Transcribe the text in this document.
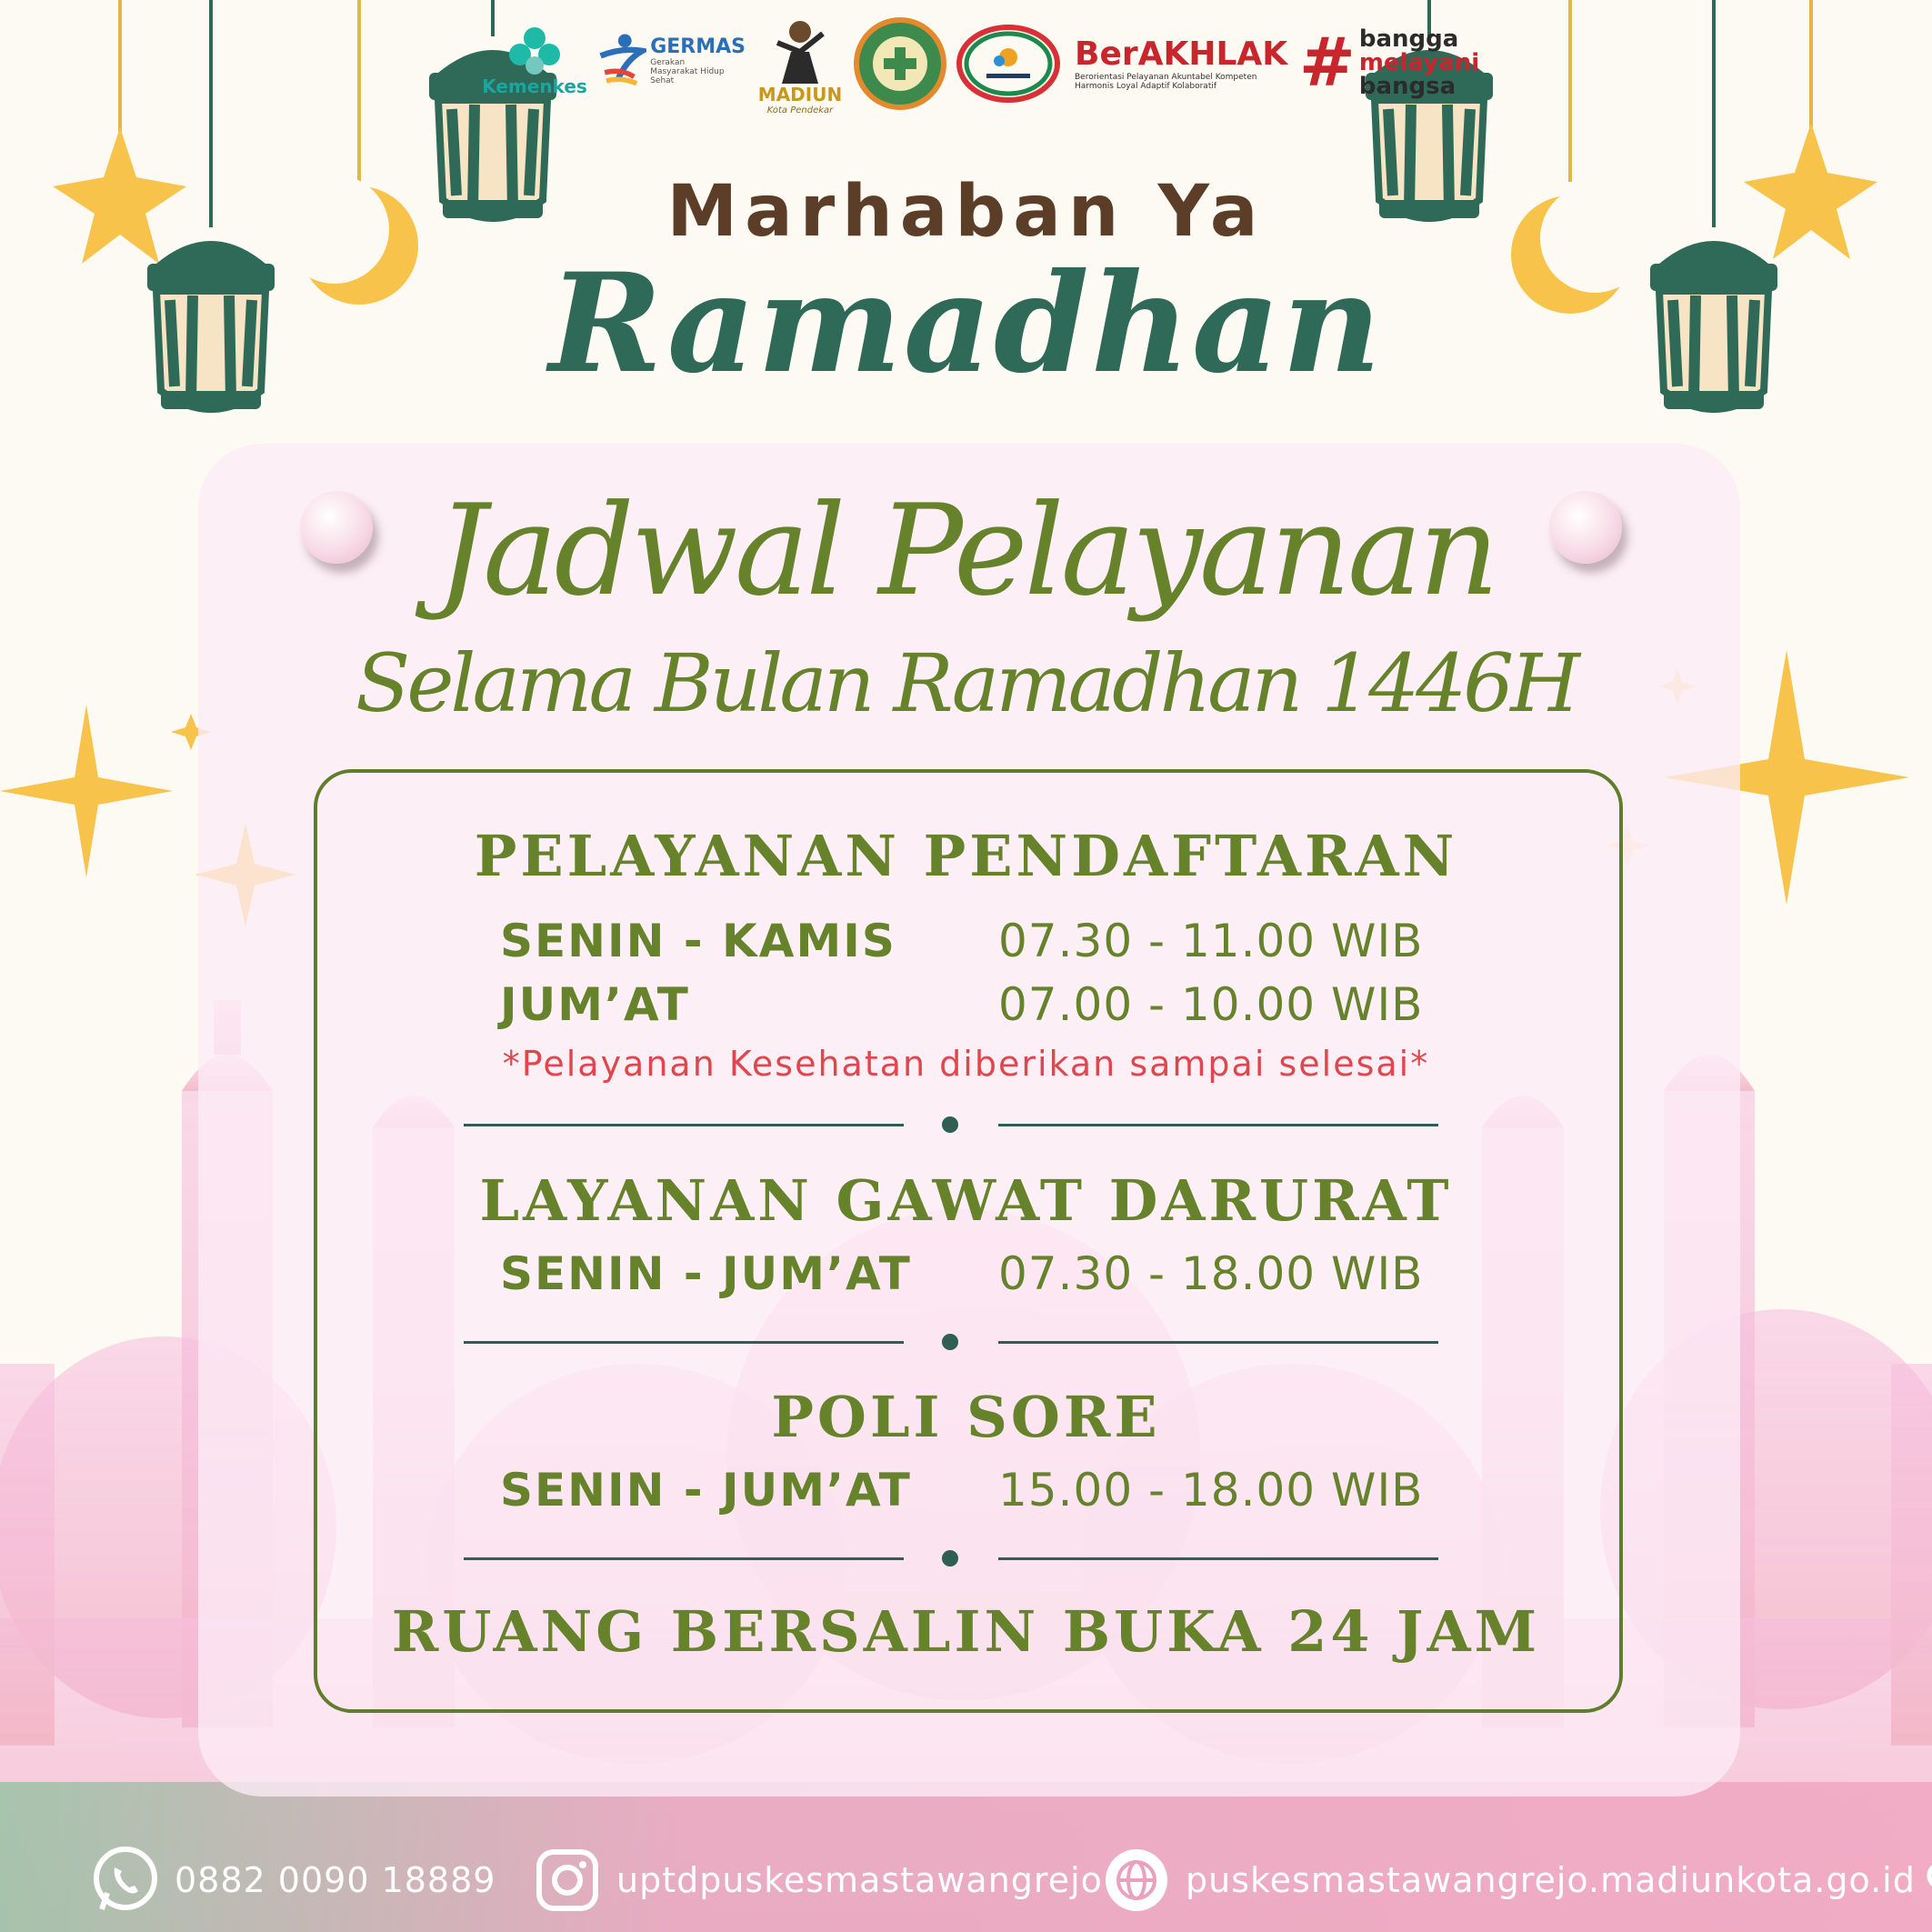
Kemenkes
GERMAS
Gerakan Masyarakat Hidup Sehat
MADIUN
Kota Pendekar
BerAKHLAK
Berorientasi Pelayanan Akuntabel Kompeten
Harmonis Loyal Adaptif Kolaboratif # bangga
melayani
bangsa
Marhaban Ya
Ramadhan
Jadwal Pelayanan
Selama Bulan Ramadhan 1446H
PELAYANAN PENDAFTARAN
SENIN - KAMIS 07.30 - 11.00 WIB
JUM’AT	07.00 - 10.00 WIB
*Pelayanan Kesehatan diberikan sampai selesai*
LAYANAN GAWAT DARURAT
SENIN - JUM’AT 07.30 - 18.00 WIB
POLI SORE
SENIN - JUM’AT 15.00 - 18.00 WIB
RUANG BERSALIN BUKA 24 JAM
0882 0090 18889	uptdpuskesmastawangrejo puskesmastawangrejo.madiunkota.go.id
